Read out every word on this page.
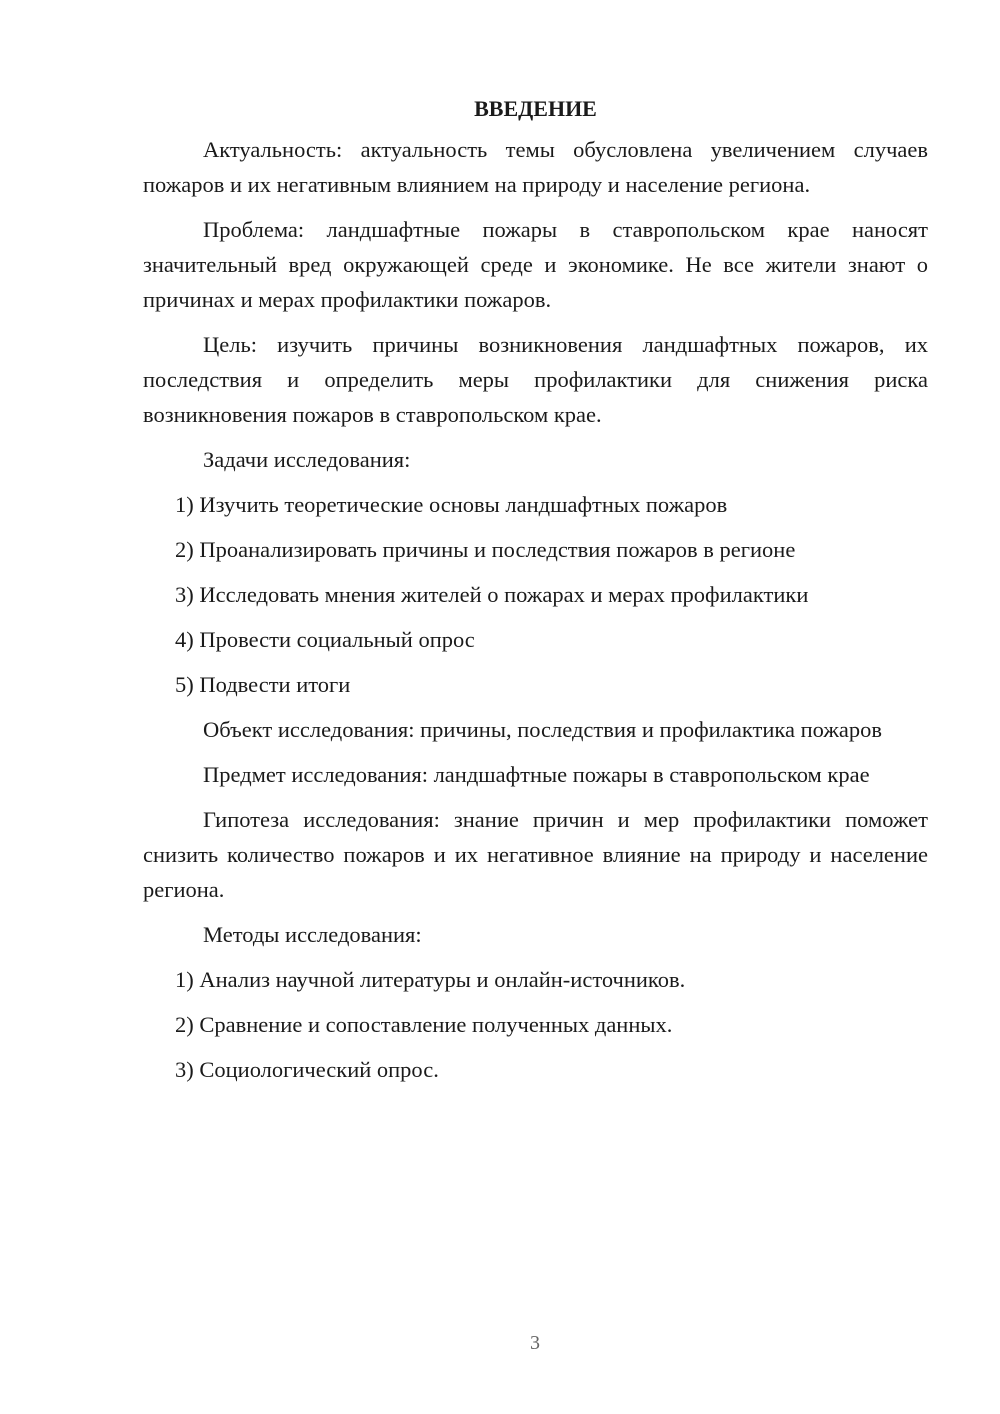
ВВЕДЕНИЕ

Актуальность: актуальность темы обусловлена увеличением случаев пожаров и их негативным влиянием на природу и население региона.

Проблема: ландшафтные пожары в ставропольском крае наносят значительный вред окружающей среде и экономике. Не все жители знают о причинах и мерах профилактики пожаров.

Цель: изучить причины возникновения ландшафтных пожаров, их последствия и определить меры профилактики для снижения риска возникновения пожаров в ставропольском крае.

Задачи исследования:

1) Изучить теоретические основы ландшафтных пожаров

2) Проанализировать причины и последствия пожаров в регионе

3) Исследовать мнения жителей о пожарах и мерах профилактики

4) Провести социальный опрос

5) Подвести итоги

Объект исследования: причины, последствия и профилактика пожаров

Предмет исследования: ландшафтные пожары в ставропольском крае

Гипотеза исследования: знание причин и мер профилактики поможет снизить количество пожаров и их негативное влияние на природу и население региона.

Методы исследования:

1) Анализ научной литературы и онлайн-источников.

2) Сравнение и сопоставление полученных данных.

3) Социологический опрос.

3
